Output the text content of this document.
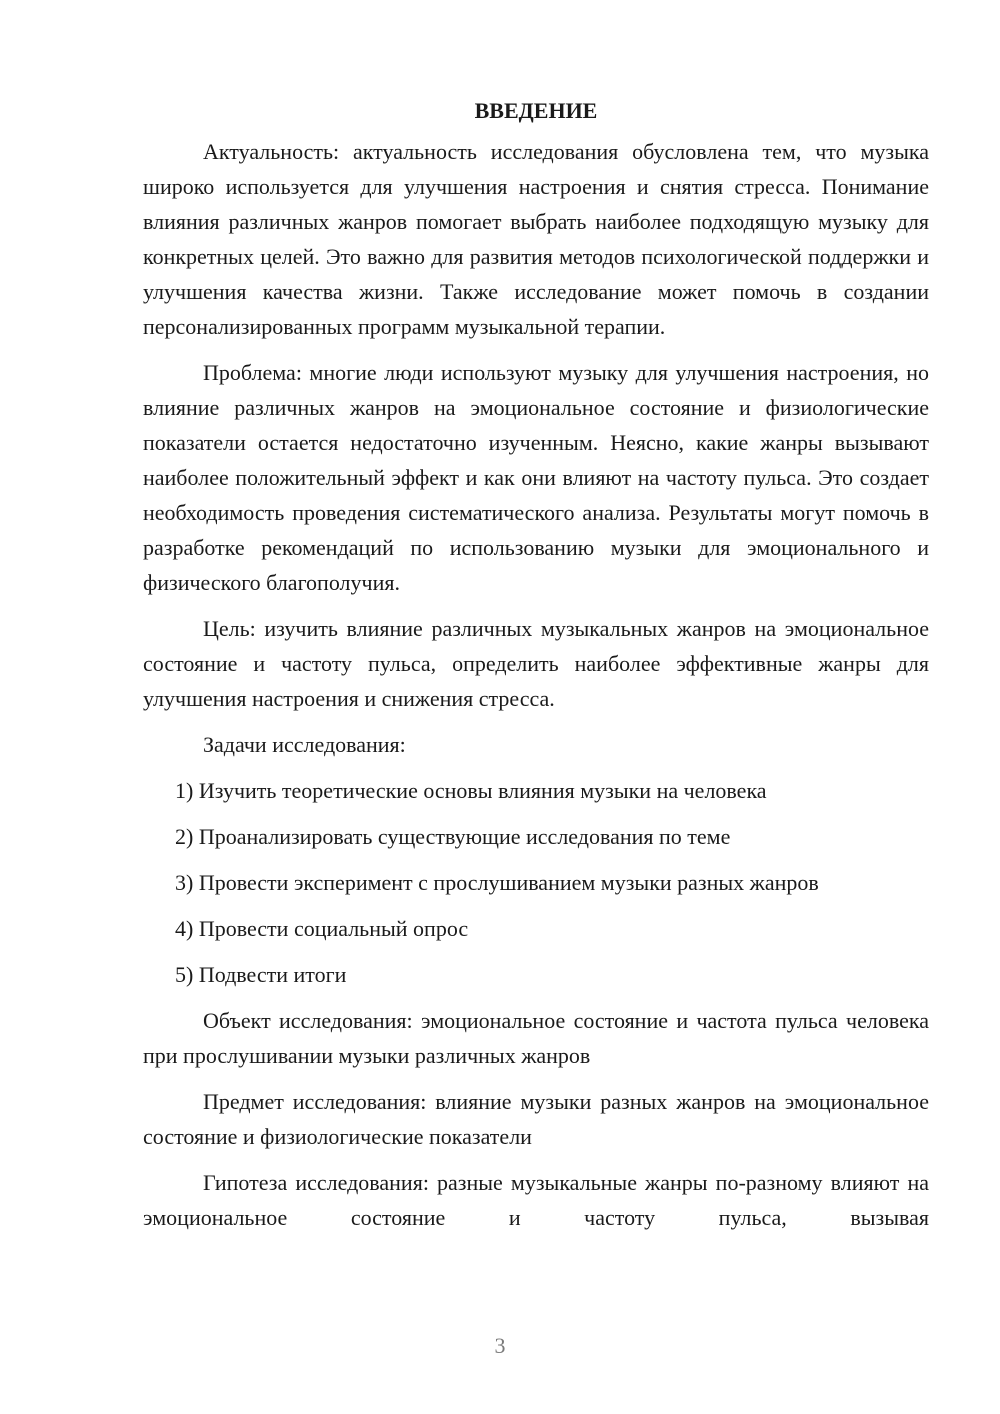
ВВЕДЕНИЕ

Актуальность: актуальность исследования обусловлена тем, что музыка широко используется для улучшения настроения и снятия стресса. Понимание влияния различных жанров помогает выбрать наиболее подходящую музыку для конкретных целей. Это важно для развития методов психологической поддержки и улучшения качества жизни. Также исследование может помочь в создании персонализированных программ музыкальной терапии.

Проблема: многие люди используют музыку для улучшения настроения, но влияние различных жанров на эмоциональное состояние и физиологические показатели остается недостаточно изученным. Неясно, какие жанры вызывают наиболее положительный эффект и как они влияют на частоту пульса. Это создает необходимость проведения систематического анализа. Результаты могут помочь в разработке рекомендаций по использованию музыки для эмоционального и физического благополучия.

Цель: изучить влияние различных музыкальных жанров на эмоциональное состояние и частоту пульса, определить наиболее эффективные жанры для улучшения настроения и снижения стресса.

Задачи исследования:

1) Изучить теоретические основы влияния музыки на человека

2) Проанализировать существующие исследования по теме

3) Провести эксперимент с прослушиванием музыки разных жанров

4) Провести социальный опрос

5) Подвести итоги

Объект исследования: эмоциональное состояние и частота пульса человека при прослушивании музыки различных жанров

Предмет исследования: влияние музыки разных жанров на эмоциональное состояние и физиологические показатели

Гипотеза исследования: разные музыкальные жанры по-разному влияют на эмоциональное состояние и частоту пульса, вызывая

3
